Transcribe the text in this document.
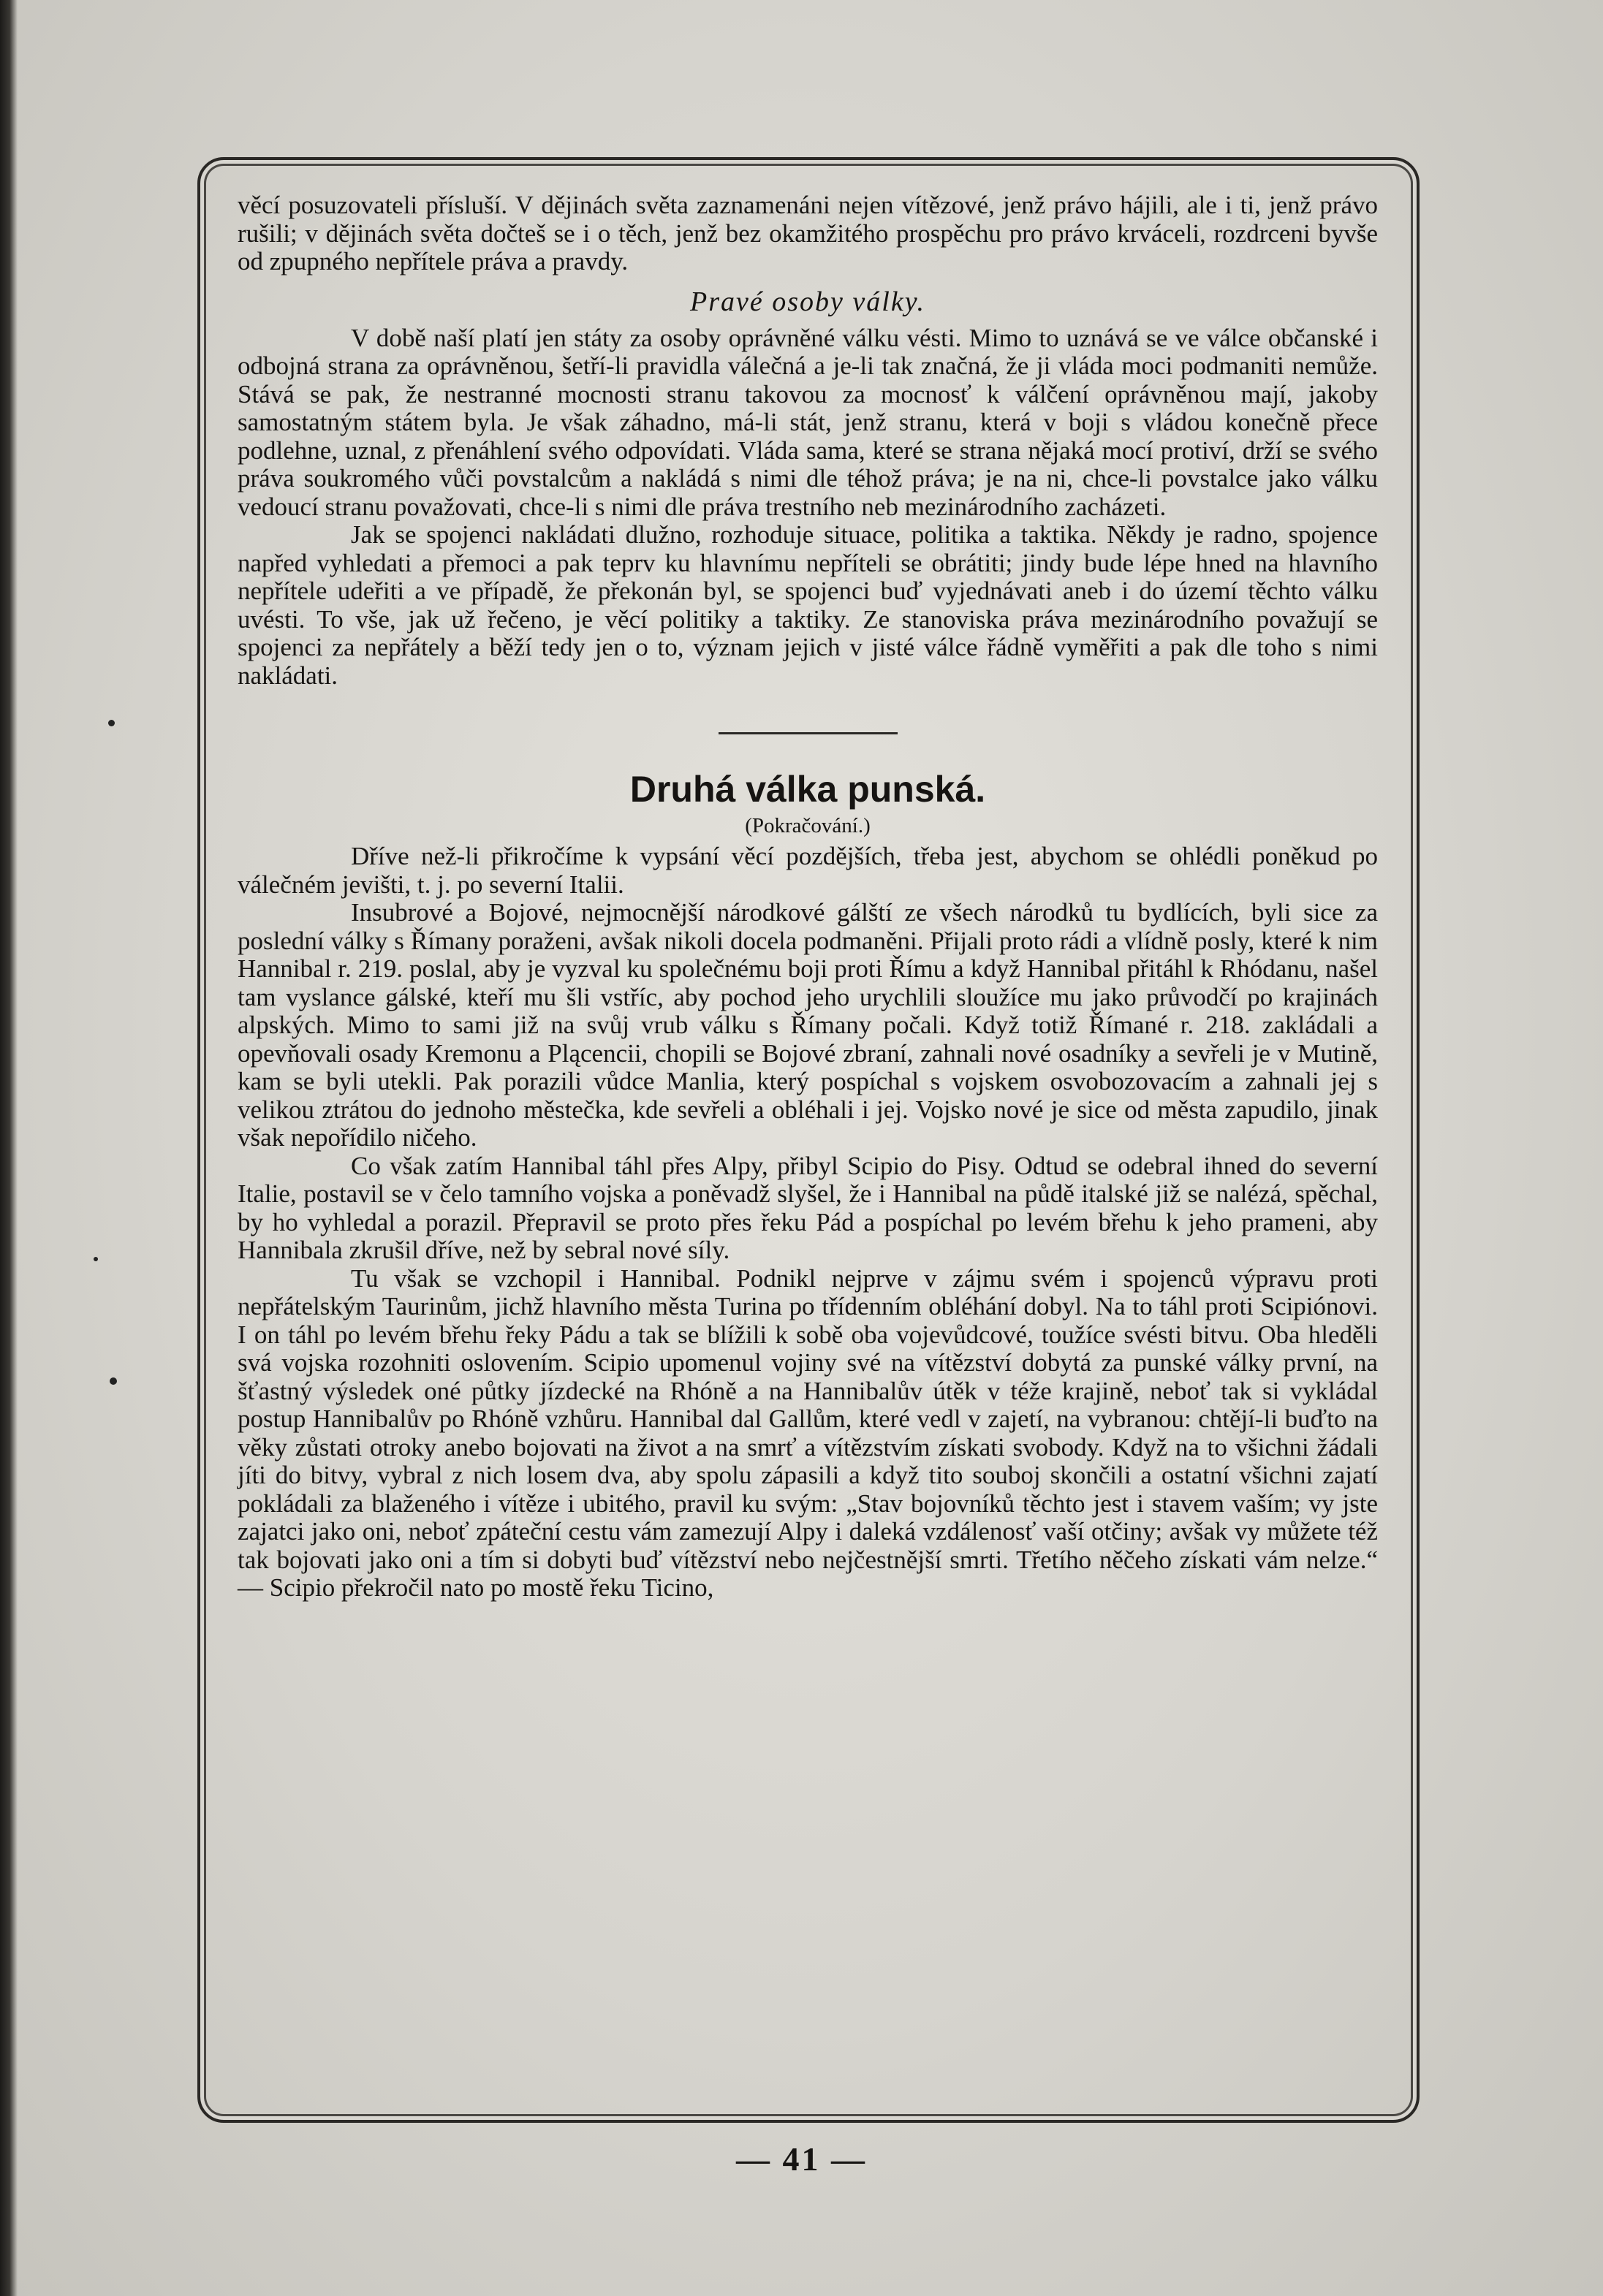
věcí posuzovateli přísluší. V dějinách světa zaznamenáni nejen vítězové, jenž právo hájili, ale i ti, jenž právo rušili; v dějinách světa dočteš se i o těch, jenž bez okamžitého prospěchu pro právo krváceli, rozdrceni byvše od zpupného nepřítele práva a pravdy.

Pravé osoby války.

V době naší platí jen státy za osoby oprávněné válku vésti. Mimo to uznává se ve válce občanské i odbojná strana za oprávněnou, šetří-li pravidla válečná a je-li tak značná, že ji vláda moci podmaniti nemůže. Stává se pak, že nestranné mocnosti stranu takovou za mocnosť k válčení oprávněnou mají, jakoby samostatným státem byla. Je však záhadno, má-li stát, jenž stranu, která v boji s vládou konečně přece podlehne, uznal, z přenáhlení svého odpovídati. Vláda sama, které se strana nějaká mocí protiví, drží se svého práva soukromého vůči povstalcům a nakládá s nimi dle téhož práva; je na ni, chce-li povstalce jako válku vedoucí stranu považovati, chce-li s nimi dle práva trestního neb mezinárodního zacházeti.

Jak se spojenci nakládati dlužno, rozhoduje situace, politika a taktika. Někdy je radno, spojence napřed vyhledati a přemoci a pak teprv ku hlavnímu nepříteli se obrátiti; jindy bude lépe hned na hlavního nepřítele udeřiti a ve případě, že překonán byl, se spojenci buď vyjednávati aneb i do území těchto válku uvésti. To vše, jak už řečeno, je věcí politiky a taktiky. Ze stanoviska práva mezinárodního považují se spojenci za nepřátely a běží tedy jen o to, význam jejich v jisté válce řádně vyměřiti a pak dle toho s nimi nakládati.

Druhá válka punská.
(Pokračování.)

Dříve než-li přikročíme k vypsání věcí pozdějších, třeba jest, abychom se ohlédli poněkud po válečném jevišti, t. j. po severní Italii.

Insubrové a Bojové, nejmocnější národkové gálští ze všech národků tu bydlících, byli sice za poslední války s Římany poraženi, avšak nikoli docela podmaněni. Přijali proto rádi a vlídně posly, které k nim Hannibal r. 219. poslal, aby je vyzval ku společnému boji proti Římu a když Hannibal přitáhl k Rhódanu, našel tam vyslance gálské, kteří mu šli vstříc, aby pochod jeho urychlili sloužíce mu jako průvodčí po krajinách alpských. Mimo to sami již na svůj vrub válku s Římany počali. Když totiž Římané r. 218. zakládali a opevňovali osady Kremonu a Plącencii, chopili se Bojové zbraní, zahnali nové osadníky a sevřeli je v Mutině, kam se byli utekli. Pak porazili vůdce Manlia, který pospíchal s vojskem osvobozovacím a zahnali jej s velikou ztrátou do jednoho městečka, kde sevřeli a obléhali i jej. Vojsko nové je sice od města zapudilo, jinak však nepořídilo ničeho.

Co však zatím Hannibal táhl přes Alpy, přibyl Scipio do Pisy. Odtud se odebral ihned do severní Italie, postavil se v čelo tamního vojska a poněvadž slyšel, že i Hannibal na půdě italské již se nalézá, spěchal, by ho vyhledal a porazil. Přepravil se proto přes řeku Pád a pospíchal po levém břehu k jeho prameni, aby Hannibala zkrušil dříve, než by sebral nové síly.

Tu však se vzchopil i Hannibal. Podnikl nejprve v zájmu svém i spojenců výpravu proti nepřátelským Taurinům, jichž hlavního města Turina po třídenním obléhání dobyl. Na to táhl proti Scipiónovi. I on táhl po levém břehu řeky Pádu a tak se blížili k sobě oba vojevůdcové, toužíce svésti bitvu. Oba hleděli svá vojska rozohniti oslovením. Scipio upomenul vojiny své na vítězství dobytá za punské války první, na šťastný výsledek oné půtky jízdecké na Rhóně a na Hannibalův útěk v téže krajině, neboť tak si vykládal postup Hannibalův po Rhóně vzhůru. Hannibal dal Gallům, které vedl v zajetí, na vybranou: chtějí-li buďto na věky zůstati otroky anebo bojovati na život a na smrť a vítězstvím získati svobody. Když na to všichni žádali jíti do bitvy, vybral z nich losem dva, aby spolu zápasili a když tito souboj skončili a ostatní všichni zajatí pokládali za blaženého i vítěze i ubitého, pravil ku svým: „Stav bojovníků těchto jest i stavem vaším; vy jste zajatci jako oni, neboť zpáteční cestu vám zamezují Alpy i daleká vzdálenosť vaší otčiny; avšak vy můžete též tak bojovati jako oni a tím si dobyti buď vítězství nebo nejčestnější smrti. Třetího něčeho získati vám nelze.“ — Scipio překročil nato po mostě řeku Ticino,

— 41 —
